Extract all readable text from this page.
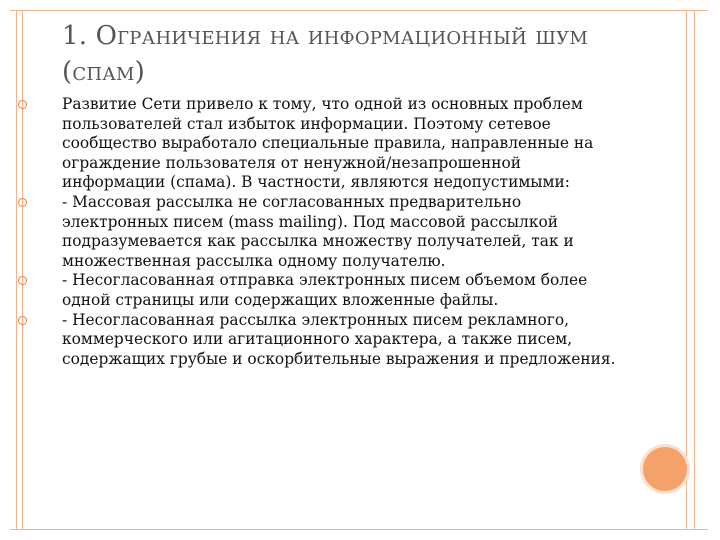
1. Ограничения на информационный шум (спам)
Развитие Сети привело к тому, что одной из основных проблем пользователей стал избыток информации. Поэтому сетевое сообщество выработало специальные правила, направленные на ограждение пользователя от ненужной/незапрошенной информации (спама). В частности, являются недопустимыми:
- Массовая рассылка не согласованных предварительно электронных писем (mass mailing). Под массовой рассылкой подразумевается как рассылка множеству получателей, так и множественная рассылка одному получателю.
- Несогласованная отправка электронных писем объемом более одной страницы или содержащих вложенные файлы.
- Несогласованная рассылка электронных писем рекламного, коммерческого или агитационного характера, а также писем, содержащих грубые и оскорбительные выражения и предложения.
